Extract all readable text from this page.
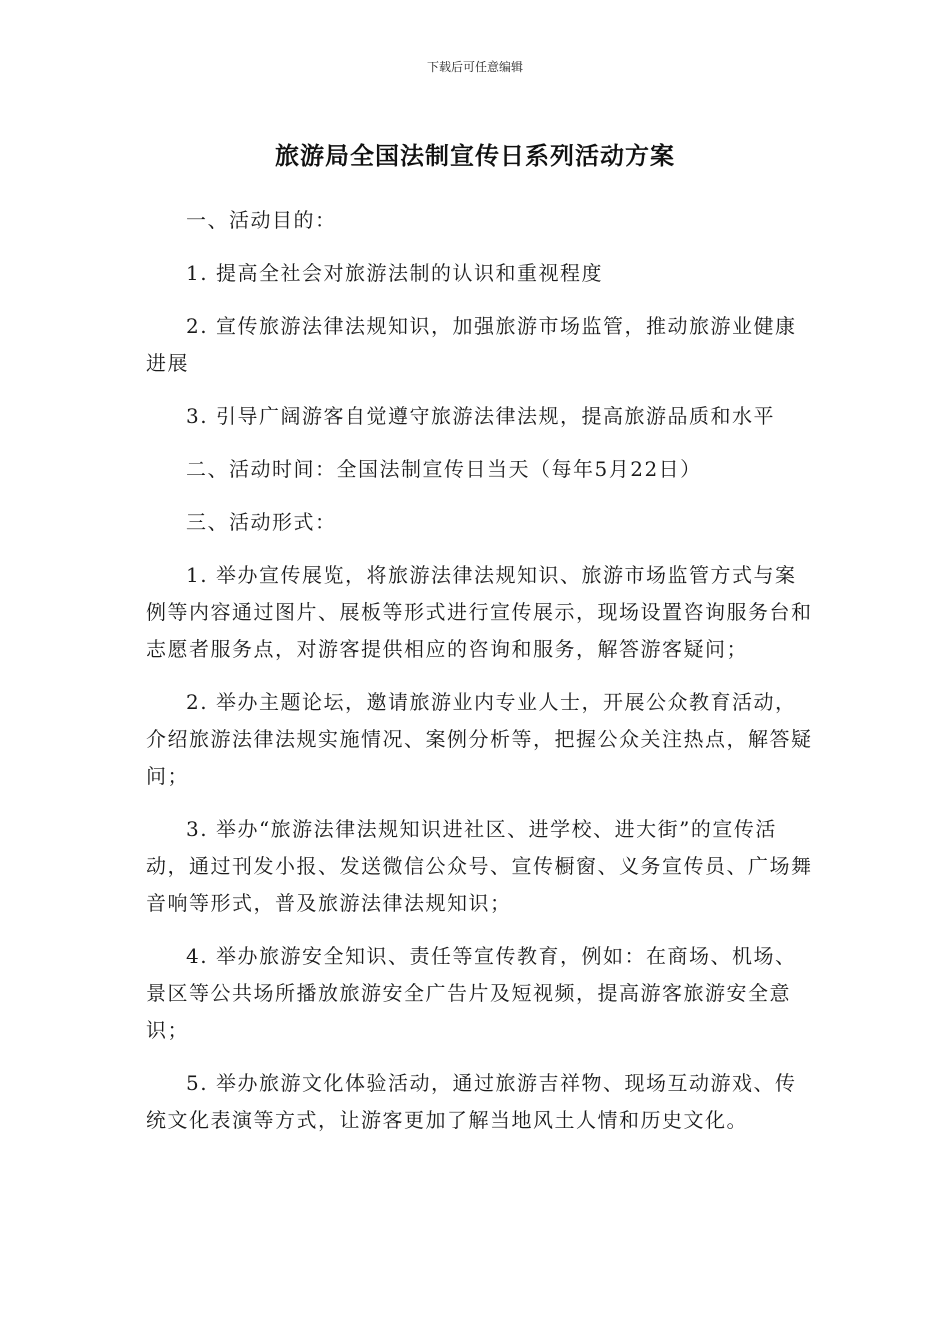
下载后可任意编辑
旅游局全国法制宣传日系列活动方案

一、活动目的：

1. 提高全社会对旅游法制的认识和重视程度

2. 宣传旅游法律法规知识，加强旅游市场监管，推动旅游业健康进展

3. 引导广阔游客自觉遵守旅游法律法规，提高旅游品质和水平

二、活动时间：全国法制宣传日当天（每年5月22日）

三、活动形式：

1. 举办宣传展览，将旅游法律法规知识、旅游市场监管方式与案例等内容通过图片、展板等形式进行宣传展示，现场设置咨询服务台和志愿者服务点，对游客提供相应的咨询和服务，解答游客疑问；

2. 举办主题论坛，邀请旅游业内专业人士，开展公众教育活动，介绍旅游法律法规实施情况、案例分析等，把握公众关注热点，解答疑问；

3. 举办“旅游法律法规知识进社区、进学校、进大街”的宣传活动，通过刊发小报、发送微信公众号、宣传橱窗、义务宣传员、广场舞音响等形式，普及旅游法律法规知识；

4. 举办旅游安全知识、责任等宣传教育，例如：在商场、机场、景区等公共场所播放旅游安全广告片及短视频，提高游客旅游安全意识；

5. 举办旅游文化体验活动，通过旅游吉祥物、现场互动游戏、传统文化表演等方式，让游客更加了解当地风土人情和历史文化。
